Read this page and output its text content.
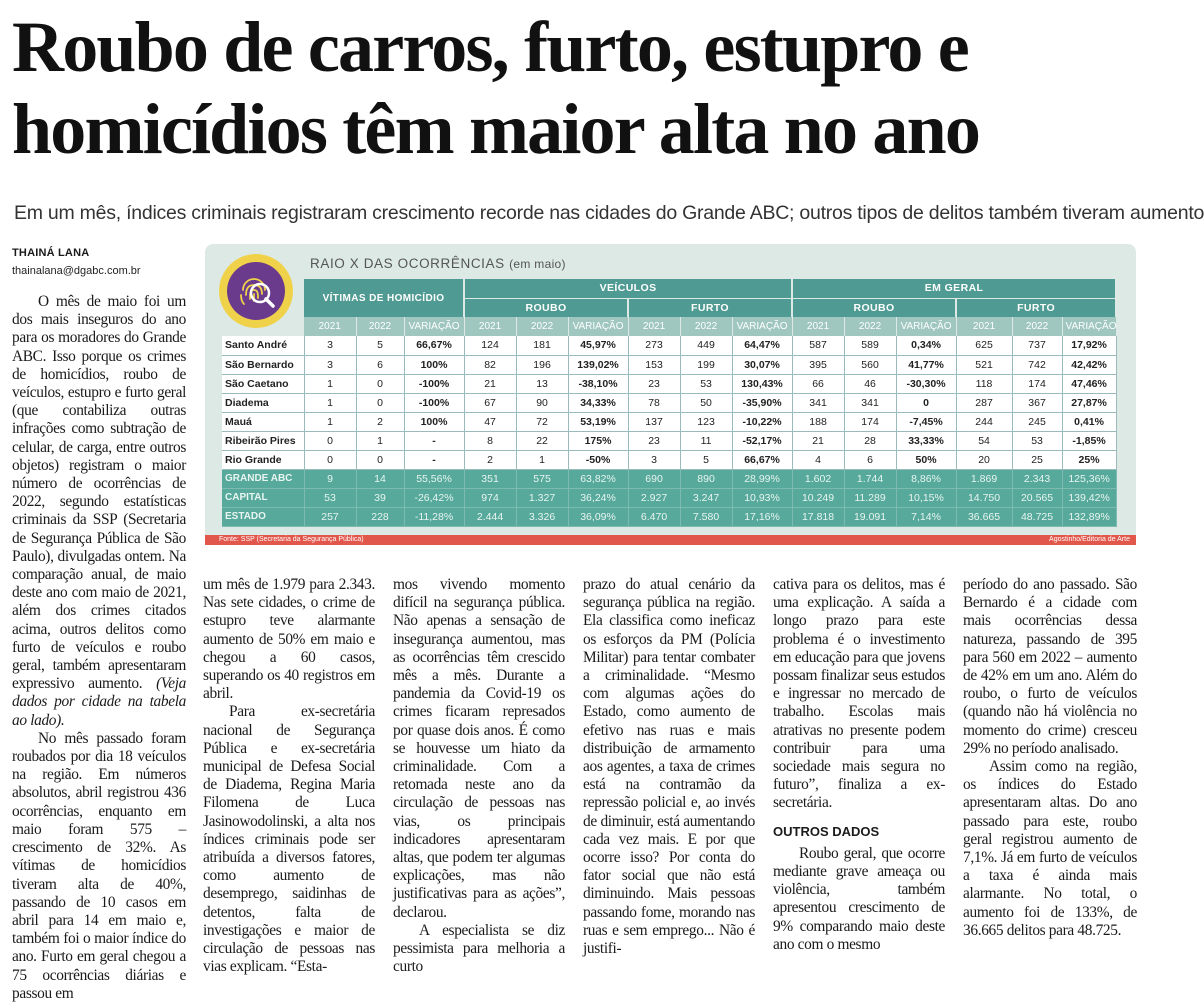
Roubo de carros, furto, estupro e
homicídios têm maior alta no ano
Em um mês, índices criminais registraram crescimento recorde nas cidades do Grande ABC; outros tipos de delitos também tiveram aumento
THAINÁ LANA
thainalana@dgabc.com.br	RAIO X DAS OCORRÊNCIAS (em maio)
	VÍTIMAS DE HOMICÍDIO			VEÍCULOS						EM GERAL					
				ROUBO			FURTO			ROUBO			FURTO		
	2021	2022	VARIAÇÃO	2021	2022	VARIAÇÃO	2021	2022	VARIAÇÃO	2021	2022	VARIAÇÃO	2021	2022	VARIAÇÃO
Santo André	3	5	66,67%	124	181	45,97%	273	449	64,47%	587	589	0,34%	625	737	17,92%
São Bernardo	3	6	100%	82	196	139,02%	153	199	30,07%	395	560	41,77%	521	742	42,42%
São Caetano	1	0	-100%	21	13	-38,10%	23	53	130,43%	66	46	-30,30%	118	174	47,46%
Diadema	1	0	-100%	67	90	34,33%	78	50	-35,90%	341	341	0	287	367	27,87%
Mauá	1	2	100%	47	72	53,19%	137	123	-10,22%	188	174	-7,45%	244	245	0,41%
Ribeirão Pires	0	1	-	8	22	175%	23	11	-52,17%	21	28	33,33%	54	53	-1,85%
Rio Grande	0	0	-	2	1	-50%	3	5	66,67%	4	6	50%	20	25	25%
GRANDE ABC	9	14	55,56%	351	575	63,82%	690	890	28,99%	1.602	1.744	8,86%	1.869	2.343	125,36%
CAPITAL	53	39	-26,42%	974	1.327	36,24%	2.927	3.247	10,93%	10.249	11.289	10,15%	14.750	20.565	139,42%
ESTADO	257	228	-11,28%	2.444	3.326	36,09%	6.470	7.580	17,16%	17.818	19.091	7,14%	36.665	48.725	132,89%
Fonte: SSP (Secretaria da Segurança Pública)	Agostinho/Editoria de Arte

O mês de maio foi um dos mais inseguros do ano para os moradores do Grande ABC. Isso porque os crimes de homicídios, roubo de veículos, estupro e furto geral (que contabiliza outras infrações como subtração de celular, de carga, entre outros objetos) registram o maior número de ocorrências de 2022, segundo estatísticas criminais da SSP (Secretaria de Segurança Pública de São Paulo), divulgadas ontem. Na comparação anual, de maio deste ano com maio de 2021, além dos crimes citados acima, outros delitos como furto de veículos e roubo geral, também apresentaram expressivo aumento. (Veja dados por cidade na tabela ao lado).

No mês passado foram roubados por dia 18 veículos na região. Em números absolutos, abril registrou 436 ocorrências, enquanto em maio foram 575 – crescimento de 32%. As vítimas de homicídios tiveram alta de 40%, passando de 10 casos em abril para 14 em maio e, também foi o maior índice do ano. Furto em geral chegou a 75 ocorrências diárias e passou em

um mês de 1.979 para 2.343. Nas sete cidades, o crime de estupro teve alarmante aumento de 50% em maio e chegou a 60 casos, superando os 40 registros em abril.

Para ex-secretária nacional de Segurança Pública e ex-secretária municipal de Defesa Social de Diadema, Regina Maria Filomena de Luca Jasinowodolinski, a alta nos índices criminais pode ser atribuída a diversos fatores, como aumento de desemprego, saidinhas de detentos, falta de investigações e maior de circulação de pessoas nas vias explicam. “Esta-

mos vivendo momento difícil na segurança pública. Não apenas a sensação de insegurança aumentou, mas as ocorrências têm crescido mês a mês. Durante a pandemia da Covid-19 os crimes ficaram represados por quase dois anos. É como se houvesse um hiato da criminalidade. Com a retomada neste ano da circulação de pessoas nas vias, os principais indicadores apresentaram altas, que podem ter algumas explicações, mas não justificativas para as ações”, declarou.

A especialista se diz pessimista para melhoria a curto

prazo do atual cenário da segurança pública na região. Ela classifica como ineficaz os esforços da PM (Polícia Militar) para tentar combater a criminalidade. “Mesmo com algumas ações do Estado, como aumento de efetivo nas ruas e mais distribuição de armamento aos agentes, a taxa de crimes está na contramão da repressão policial e, ao invés de diminuir, está aumentando cada vez mais. E por que ocorre isso? Por conta do fator social que não está diminuindo. Mais pessoas passando fome, morando nas ruas e sem emprego... Não é justifi-

cativa para os delitos, mas é uma explicação. A saída a longo prazo para este problema é o investimento em educação para que jovens possam finalizar seus estudos e ingressar no mercado de trabalho. Escolas mais atrativas no presente podem contribuir para uma sociedade mais segura no futuro”, finaliza a ex-secretária.

OUTROS DADOS

Roubo geral, que ocorre mediante grave ameaça ou violência, também apresentou crescimento de 9% comparando maio deste ano com o mesmo

período do ano passado. São Bernardo é a cidade com mais ocorrências dessa natureza, passando de 395 para 560 em 2022 – aumento de 42% em um ano. Além do roubo, o furto de veículos (quando não há violência no momento do crime) cresceu 29% no período analisado.

Assim como na região, os índices do Estado apresentaram altas. Do ano passado para este, roubo geral registrou aumento de 7,1%. Já em furto de veículos a taxa é ainda mais alarmante. No total, o aumento foi de 133%, de 36.665 delitos para 48.725.
